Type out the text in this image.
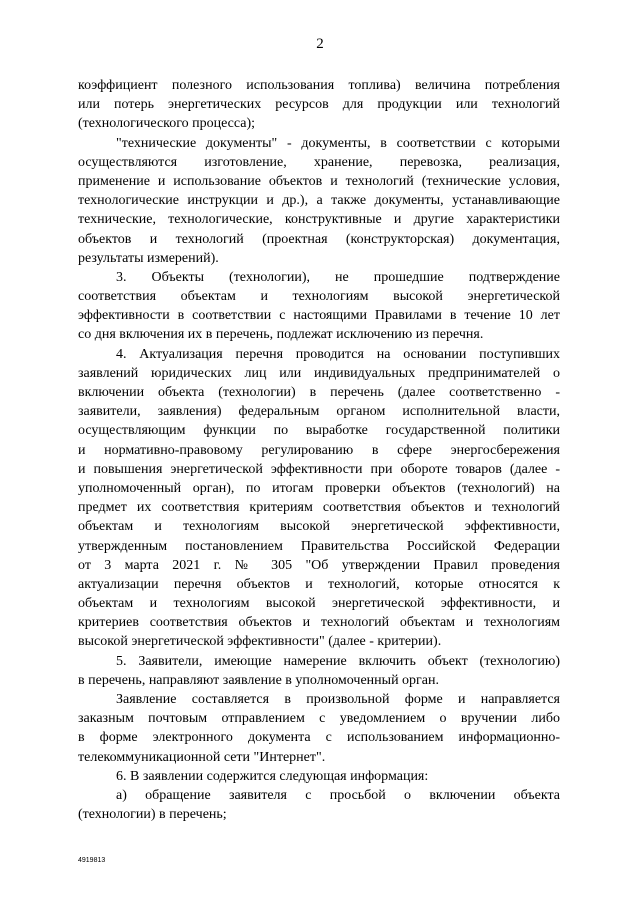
2
коэффициент полезного использования топлива) величина потребления
или потерь энергетических ресурсов для продукции или технологий
(технологического процесса);
"технические документы" - документы, в соответствии с которыми
осуществляются изготовление, хранение, перевозка, реализация,
применение и использование объектов и технологий (технические условия,
технологические инструкции и др.), а также документы, устанавливающие
технические, технологические, конструктивные и другие характеристики
объектов и технологий (проектная (конструкторская) документация,
результаты измерений).
3. Объекты (технологии), не прошедшие подтверждение
соответствия объектам и технологиям высокой энергетической
эффективности в соответствии с настоящими Правилами в течение 10 лет
со дня включения их в перечень, подлежат исключению из перечня.
4. Актуализация перечня проводится на основании поступивших
заявлений юридических лиц или индивидуальных предпринимателей о
включении объекта (технологии) в перечень (далее соответственно -
заявители, заявления) федеральным органом исполнительной власти,
осуществляющим функции по выработке государственной политики
и нормативно-правовому регулированию в сфере энергосбережения
и повышения энергетической эффективности при обороте товаров (далее -
уполномоченный орган), по итогам проверки объектов (технологий) на
предмет их соответствия критериям соответствия объектов и технологий
объектам и технологиям высокой энергетической эффективности,
утвержденным постановлением Правительства Российской Федерации
от 3 марта 2021 г. № 305 "Об утверждении Правил проведения
актуализации перечня объектов и технологий, которые относятся к
объектам и технологиям высокой энергетической эффективности, и
критериев соответствия объектов и технологий объектам и технологиям
высокой энергетической эффективности" (далее - критерии).
5. Заявители, имеющие намерение включить объект (технологию)
в перечень, направляют заявление в уполномоченный орган.
Заявление составляется в произвольной форме и направляется
заказным почтовым отправлением с уведомлением о вручении либо
в форме электронного документа с использованием информационно-
телекоммуникационной сети "Интернет".
6. В заявлении содержится следующая информация:
а) обращение заявителя с просьбой о включении объекта
(технологии) в перечень;
4919813
